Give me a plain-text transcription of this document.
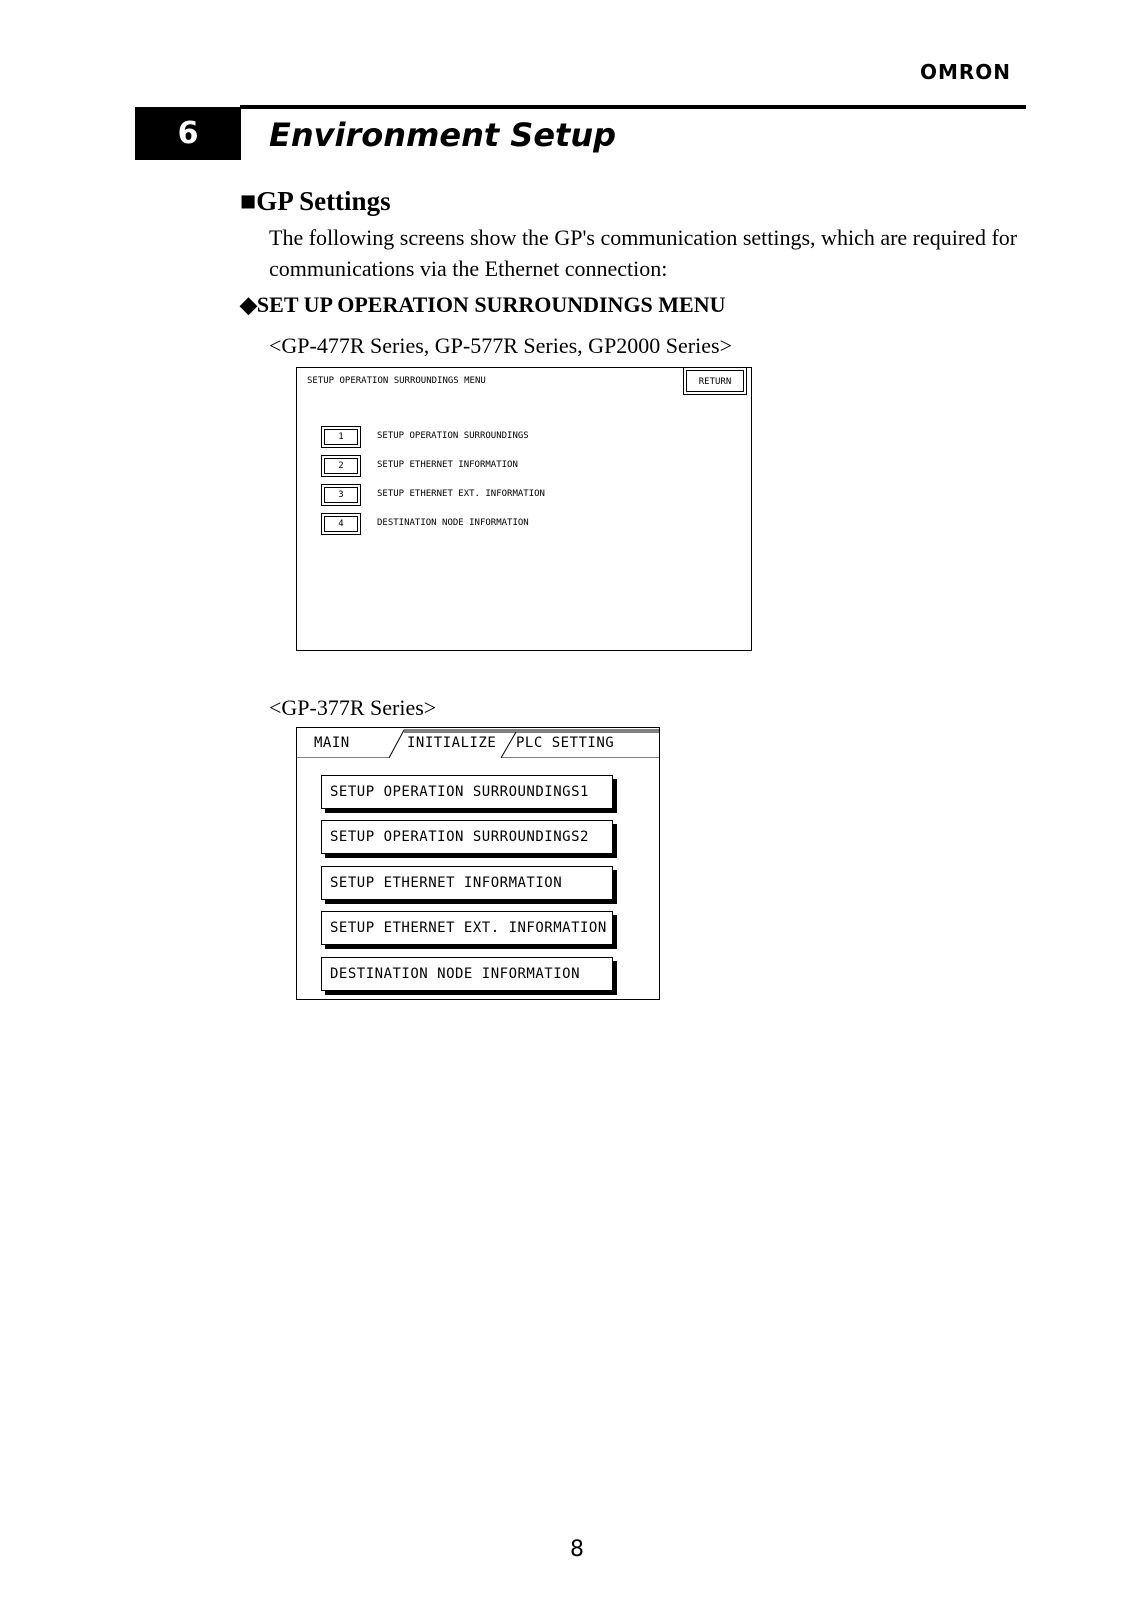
OMRON
6	Environment Setup
■GP Settings
The following screens show the GP's communication settings, which are required for communications via the Ethernet connection:
◆SET UP OPERATION SURROUNDINGS MENU
<GP-477R Series, GP-577R Series, GP2000 Series>
SETUP OPERATION SURROUNDINGS MENU	RETURN
1	SETUP OPERATION SURROUNDINGS
2	SETUP ETHERNET INFORMATION
3	SETUP ETHERNET EXT. INFORMATION
4	DESTINATION NODE INFORMATION
<GP-377R Series>
MAIN	INITIALIZE PLC SETTING
SETUP OPERATION SURROUNDINGS1
SETUP OPERATION SURROUNDINGS2
SETUP ETHERNET INFORMATION
SETUP ETHERNET EXT. INFORMATION
DESTINATION NODE INFORMATION
8
